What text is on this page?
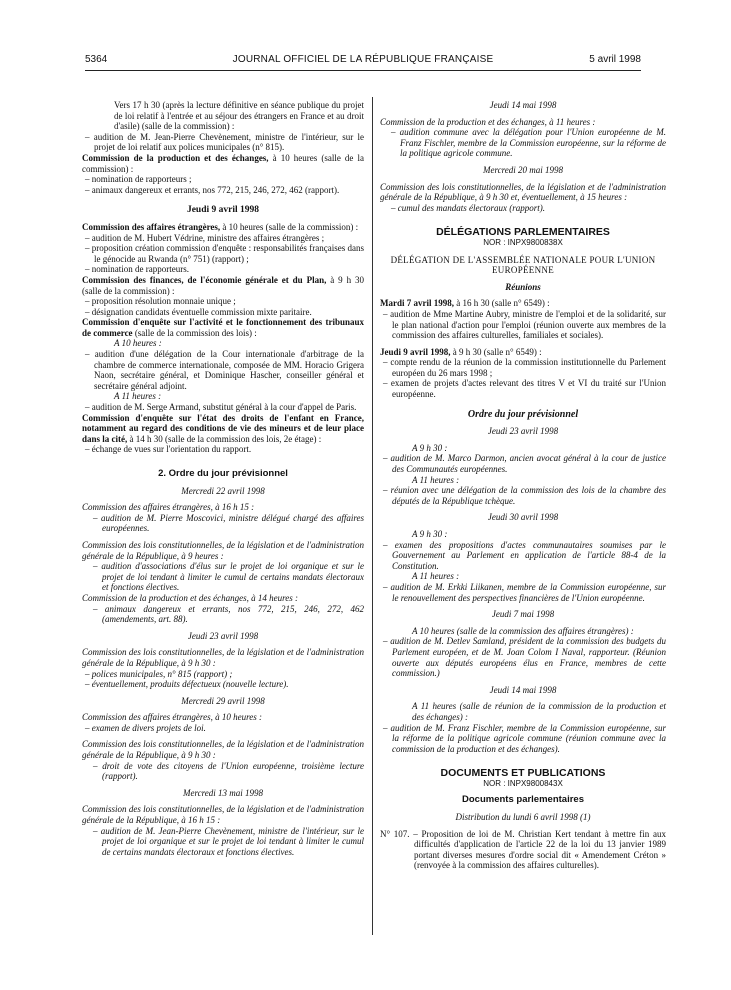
5364	JOURNAL OFFICIEL DE LA RÉPUBLIQUE FRANÇAISE	5 avril 1998

Vers 17 h 30 (après la lecture définitive en séance publique du projet de loi relatif à l'entrée et au séjour des étrangers en France et au droit d'asile) (salle de la commission) :

– audition de M. Jean-Pierre Chevènement, ministre de l'intérieur, sur le projet de loi relatif aux polices municipales (n° 815).

Commission de la production et des échanges, à 10 heures (salle de la commission) :

– nomination de rapporteurs ;

– animaux dangereux et errants, nos 772, 215, 246, 272, 462 (rapport).

Jeudi 9 avril 1998

Commission des affaires étrangères, à 10 heures (salle de la commission) :

– audition de M. Hubert Védrine, ministre des affaires étrangères ;

– proposition création commission d'enquête : responsabilités françaises dans le génocide au Rwanda (n° 751) (rapport) ;

– nomination de rapporteurs.

Commission des finances, de l'économie générale et du Plan, à 9 h 30 (salle de la commission) :

– proposition résolution monnaie unique ;

– désignation candidats éventuelle commission mixte paritaire.

Commission d'enquête sur l'activité et le fonctionnement des tribunaux de commerce (salle de la commission des lois) :

A 10 heures :

– audition d'une délégation de la Cour internationale d'arbitrage de la chambre de commerce internationale, composée de MM. Horacio Grigera Naon, secrétaire général, et Dominique Hascher, conseiller général et secrétaire général adjoint.

A 11 heures :

– audition de M. Serge Armand, substitut général à la cour d'appel de Paris.

Commission d'enquête sur l'état des droits de l'enfant en France, notamment au regard des conditions de vie des mineurs et de leur place dans la cité, à 14 h 30 (salle de la commission des lois, 2e étage) :

– échange de vues sur l'orientation du rapport.

2. Ordre du jour prévisionnel

Mercredi 22 avril 1998

Commission des affaires étrangères, à 16 h 15 :

– audition de M. Pierre Moscovici, ministre délégué chargé des affaires européennes.

Commission des lois constitutionnelles, de la législation et de l'administration générale de la République, à 9 heures :

– audition d'associations d'élus sur le projet de loi organique et sur le projet de loi tendant à limiter le cumul de certains mandats électoraux et fonctions électives.

Commission de la production et des échanges, à 14 heures :

– animaux dangereux et errants, nos 772, 215, 246, 272, 462 (amendements, art. 88).

Jeudi 23 avril 1998

Commission des lois constitutionnelles, de la législation et de l'administration générale de la République, à 9 h 30 :

– polices municipales, n° 815 (rapport) ;

– éventuellement, produits défectueux (nouvelle lecture).

Mercredi 29 avril 1998

Commission des affaires étrangères, à 10 heures :

– examen de divers projets de loi.

Commission des lois constitutionnelles, de la législation et de l'administration générale de la République, à 9 h 30 :

– droit de vote des citoyens de l'Union européenne, troisième lecture (rapport).

Mercredi 13 mai 1998

Commission des lois constitutionnelles, de la législation et de l'administration générale de la République, à 16 h 15 :

– audition de M. Jean-Pierre Chevènement, ministre de l'intérieur, sur le projet de loi organique et sur le projet de loi tendant à limiter le cumul de certains mandats électoraux et fonctions électives.

Jeudi 14 mai 1998

Commission de la production et des échanges, à 11 heures :

– audition commune avec la délégation pour l'Union européenne de M. Franz Fischler, membre de la Commission européenne, sur la réforme de la politique agricole commune.

Mercredi 20 mai 1998

Commission des lois constitutionnelles, de la législation et de l'administration générale de la République, à 9 h 30 et, éventuellement, à 15 heures :

– cumul des mandats électoraux (rapport).

DÉLÉGATIONS PARLEMENTAIRES

NOR : INPX9800838X

DÉLÉGATION DE L'ASSEMBLÉE NATIONALE POUR L'UNION EUROPÉENNE

Réunions

Mardi 7 avril 1998, à 16 h 30 (salle n° 6549) :

– audition de Mme Martine Aubry, ministre de l'emploi et de la solidarité, sur le plan national d'action pour l'emploi (réunion ouverte aux membres de la commission des affaires culturelles, familiales et sociales).

Jeudi 9 avril 1998, à 9 h 30 (salle n° 6549) :

– compte rendu de la réunion de la commission institutionnelle du Parlement européen du 26 mars 1998 ;

– examen de projets d'actes relevant des titres V et VI du traité sur l'Union européenne.

Ordre du jour prévisionnel

Jeudi 23 avril 1998

A 9 h 30 :

– audition de M. Marco Darmon, ancien avocat général à la cour de justice des Communautés européennes.

A 11 heures :

– réunion avec une délégation de la commission des lois de la chambre des députés de la République tchèque.

Jeudi 30 avril 1998

A 9 h 30 :

– examen des propositions d'actes communautaires soumises par le Gouvernement au Parlement en application de l'article 88-4 de la Constitution.

A 11 heures :

– audition de M. Erkki Liikanen, membre de la Commission européenne, sur le renouvellement des perspectives financières de l'Union européenne.

Jeudi 7 mai 1998

A 10 heures (salle de la commission des affaires étrangères) :

– audition de M. Detlev Samland, président de la commission des budgets du Parlement européen, et de M. Joan Colom I Naval, rapporteur. (Réunion ouverte aux députés européens élus en France, membres de cette commission.)

Jeudi 14 mai 1998

A 11 heures (salle de réunion de la commission de la production et des échanges) :

– audition de M. Franz Fischler, membre de la Commission européenne, sur la réforme de la politique agricole commune (réunion commune avec la commission de la production et des échanges).

DOCUMENTS ET PUBLICATIONS

NOR : INPX9800843X

Documents parlementaires

Distribution du lundi 6 avril 1998 (1)

N° 107. – Proposition de loi de M. Christian Kert tendant à mettre fin aux difficultés d'application de l'article 22 de la loi du 13 janvier 1989 portant diverses mesures d'ordre social dit « Amendement Créton » (renvoyée à la commission des affaires culturelles).
